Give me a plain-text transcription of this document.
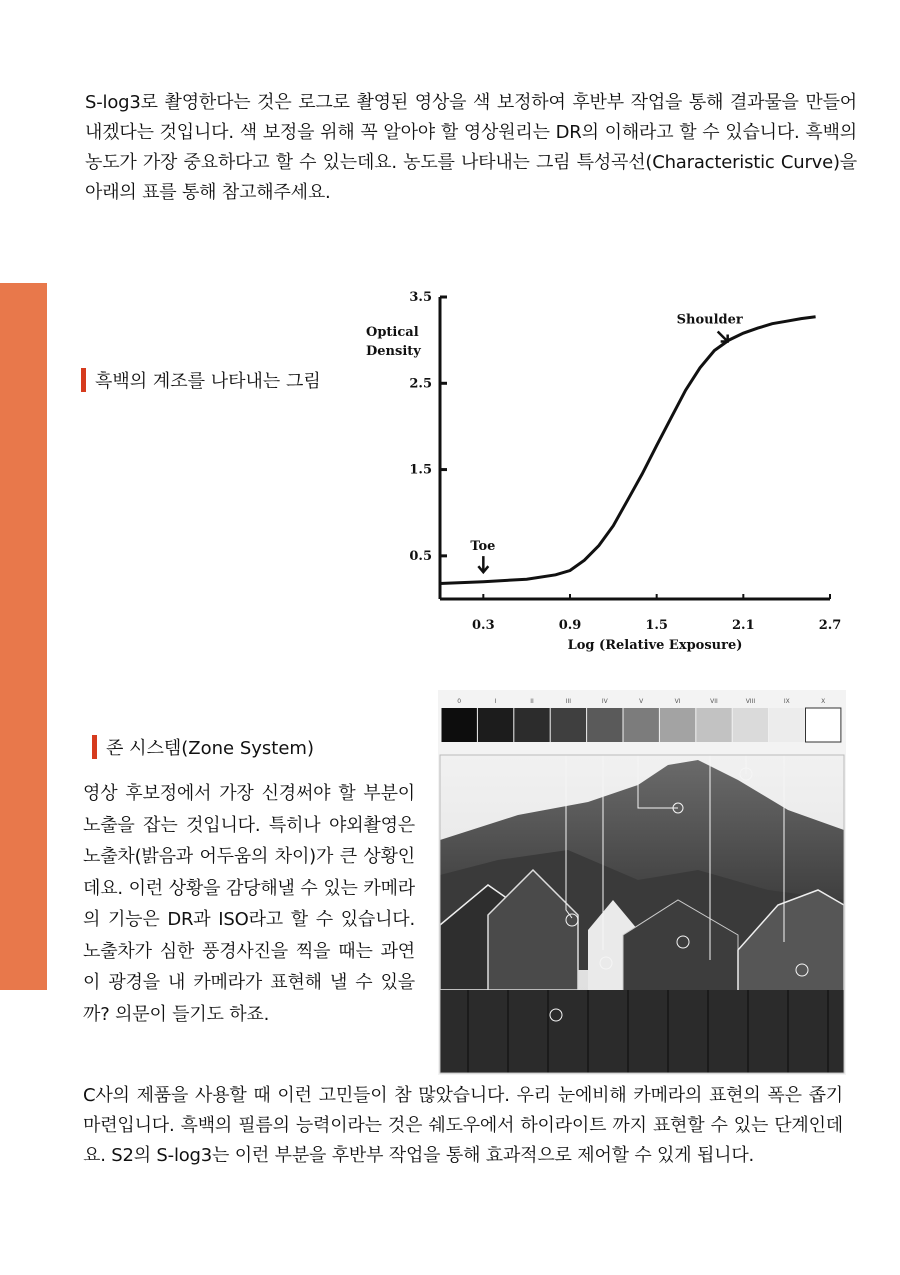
S-log3로 촬영한다는 것은 로그로 촬영된 영상을 색 보정하여 후반부 작업을 통해 결과물을 만들어 내겠다는 것입니다. 색 보정을 위해 꼭 알아야 할 영상원리는 DR의 이해라고 할 수 있습니다. 흑백의 농도가 가장 중요하다고 할 수 있는데요. 농도를 나타내는 그림 특성곡선(Characteristic Curve)을 아래의 표를 통해 참고해주세요.

흑백의 계조를 나타내는 그림
0.3	0.9	1.5	2.1	2.7
3.5
2.5
1.5
0.5
Optical
Density
Log (Relative Exposure)
Toe
Shoulder
존 시스템(Zone System)

영상 후보정에서 가장 신경써야 할 부분이 노출을 잡는 것입니다. 특히나 야외촬영은 노출차(밝음과 어두움의 차이)가 큰 상황인데요. 이런 상황을 감당해낼 수 있는 카메라의 기능은 DR과 ISO라고 할 수 있습니다. 노출차가 심한 풍경사진을 찍을 때는 과연 이 광경을 내 카메라가 표현해 낼 수 있을까? 의문이 들기도 하죠.

0	I	II	III	IV	V	VI	VII	VIII	IX	X

C사의 제품을 사용할 때 이런 고민들이 참 많았습니다. 우리 눈에비해 카메라의 표현의 폭은 좁기 마련입니다. 흑백의 필름의 능력이라는 것은 쉐도우에서 하이라이트 까지 표현할 수 있는 단계인데요. S2의 S-log3는 이런 부분을 후반부 작업을 통해 효과적으로 제어할 수 있게 됩니다.
